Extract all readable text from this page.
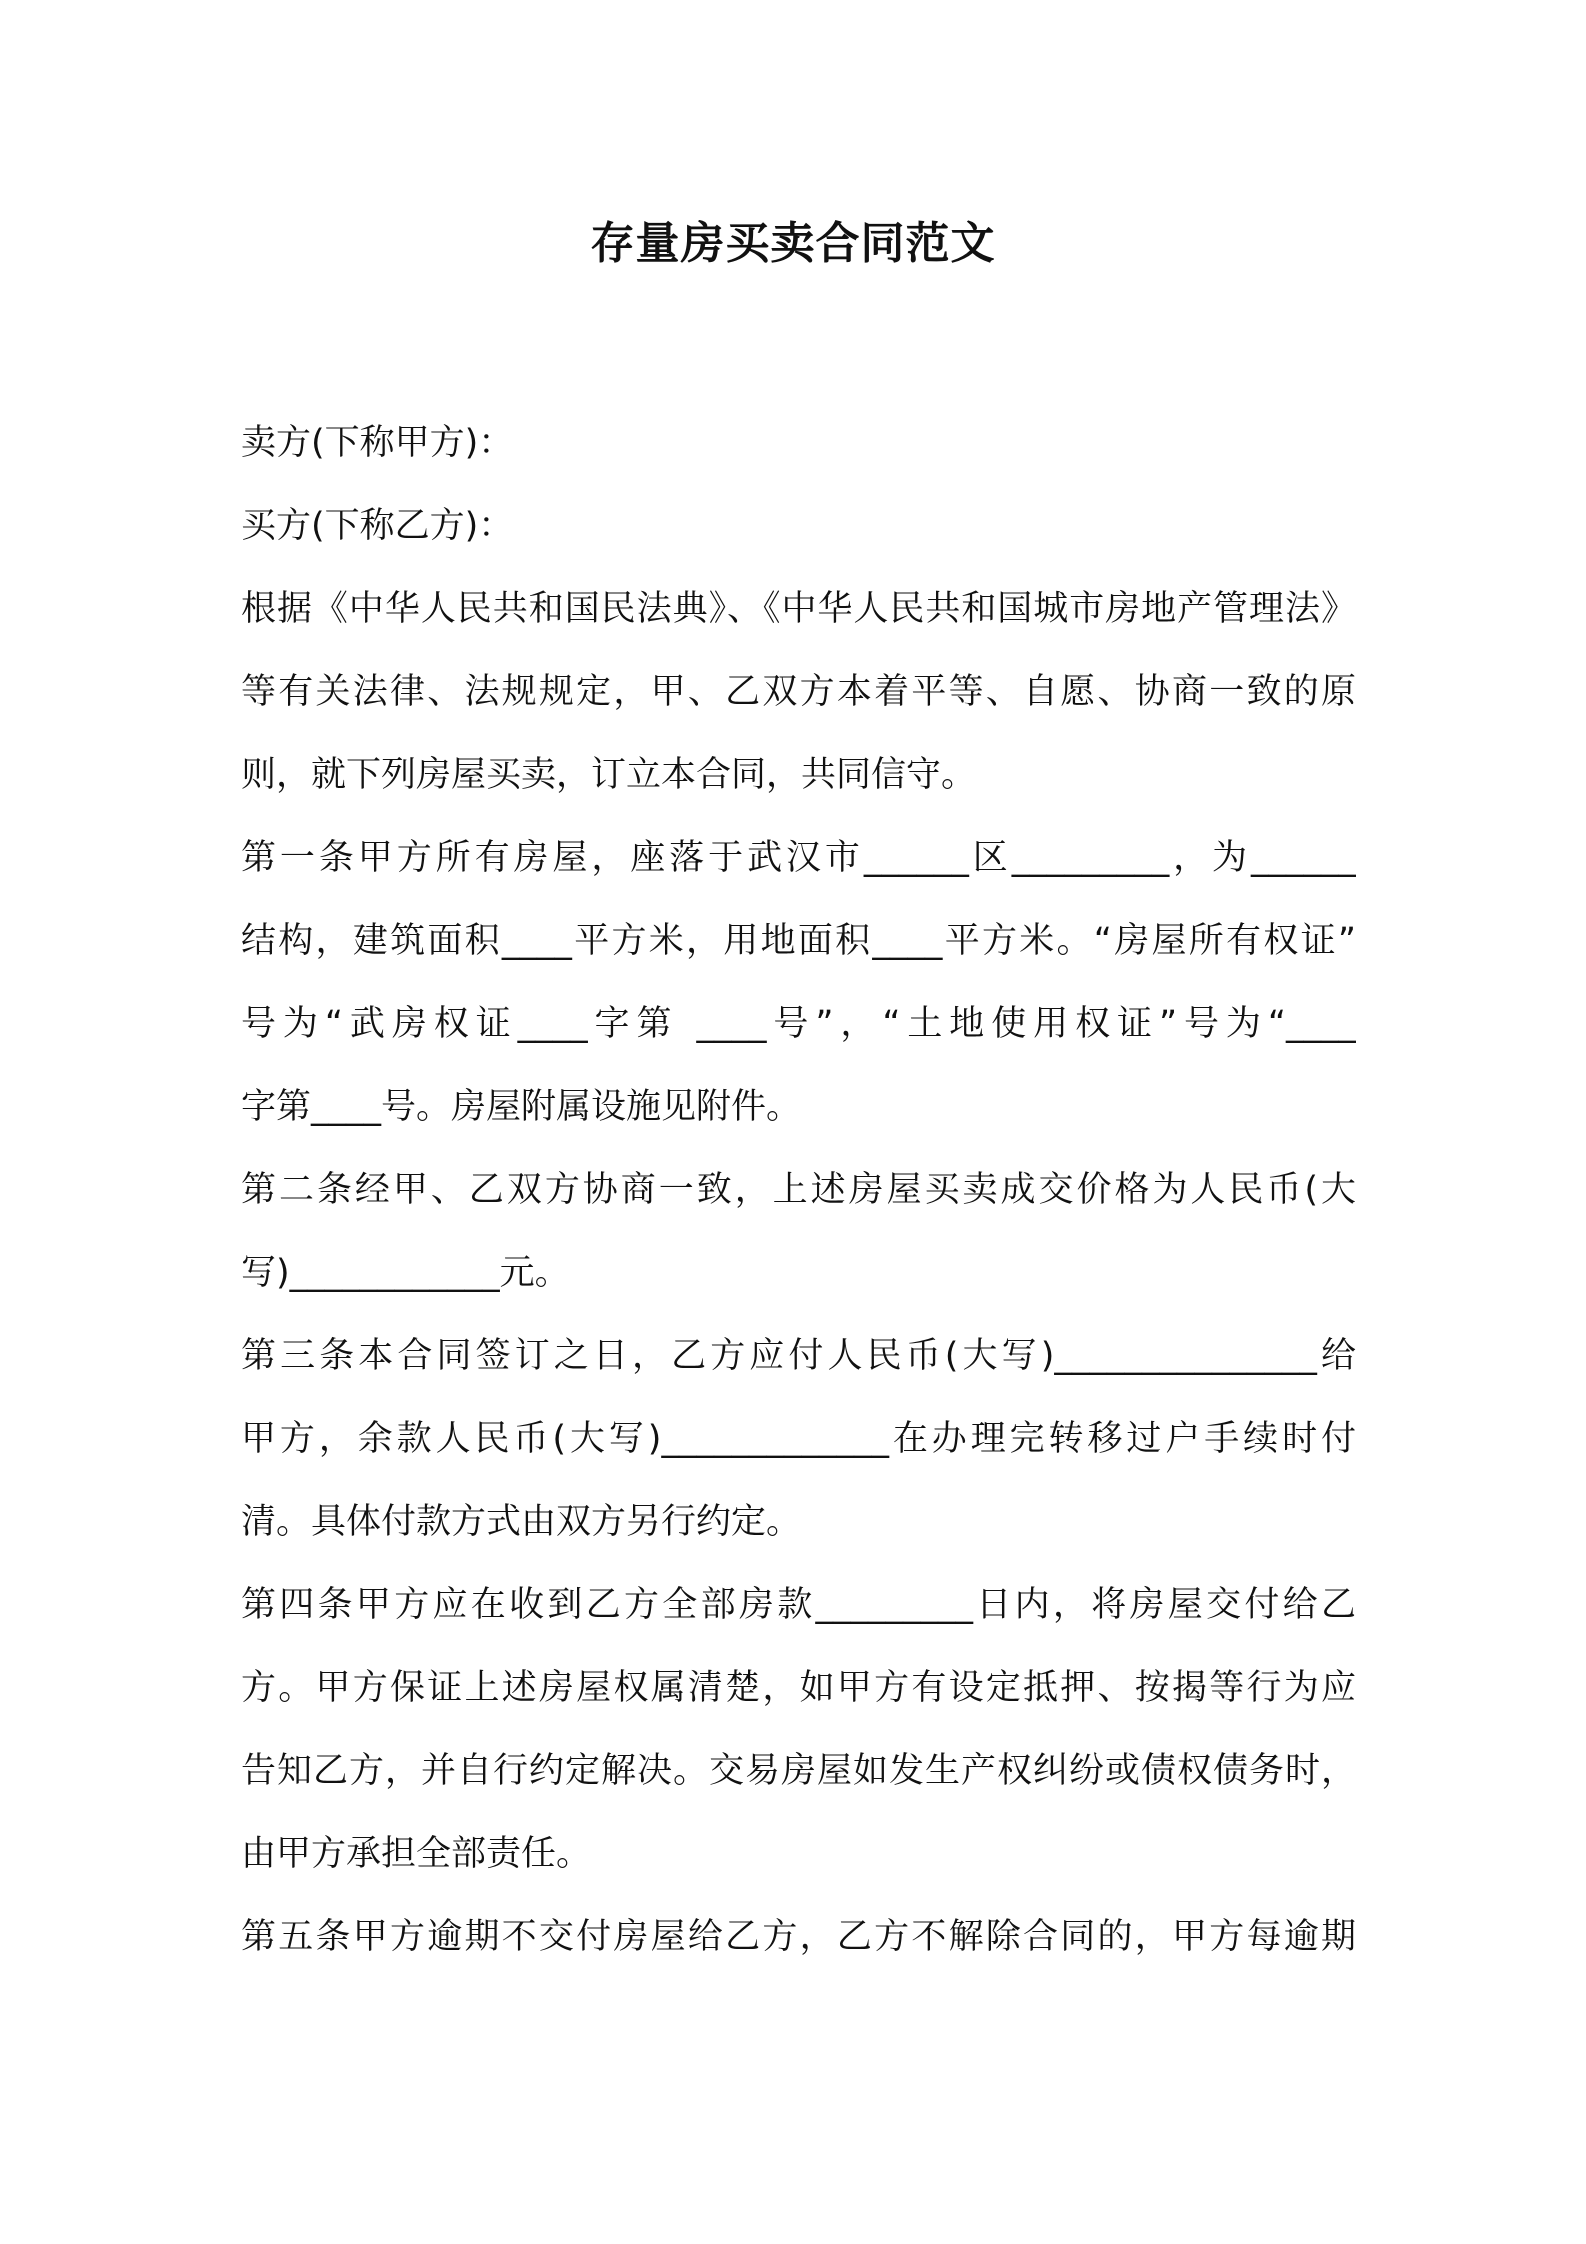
存量房买卖合同范文
卖方(下称甲方)：
买方(下称乙方)：
根据《中华人民共和国民法典》、《中华人民共和国城市房地产管理法》
等有关法律、法规规定，甲、乙双方本着平等、自愿、协商一致的原
则，就下列房屋买卖，订立本合同，共同信守。
第一条甲方所有房屋，座落于武汉市______区_________，为______
结构，建筑面积____平方米，用地面积____平方米。“房屋所有权证”
号为“武房权证____字第 ____号”，“土地使用权证”号为“____
字第____号。房屋附属设施见附件。
第二条经甲、乙双方协商一致，上述房屋买卖成交价格为人民币(大
写)____________元。
第三条本合同签订之日，乙方应付人民币(大写)_______________给
甲方，余款人民币(大写)_____________在办理完转移过户手续时付
清。具体付款方式由双方另行约定。
第四条甲方应在收到乙方全部房款_________日内，将房屋交付给乙
方。甲方保证上述房屋权属清楚，如甲方有设定抵押、按揭等行为应
告知乙方，并自行约定解决。交易房屋如发生产权纠纷或债权债务时，
由甲方承担全部责任。
第五条甲方逾期不交付房屋给乙方，乙方不解除合同的，甲方每逾期
